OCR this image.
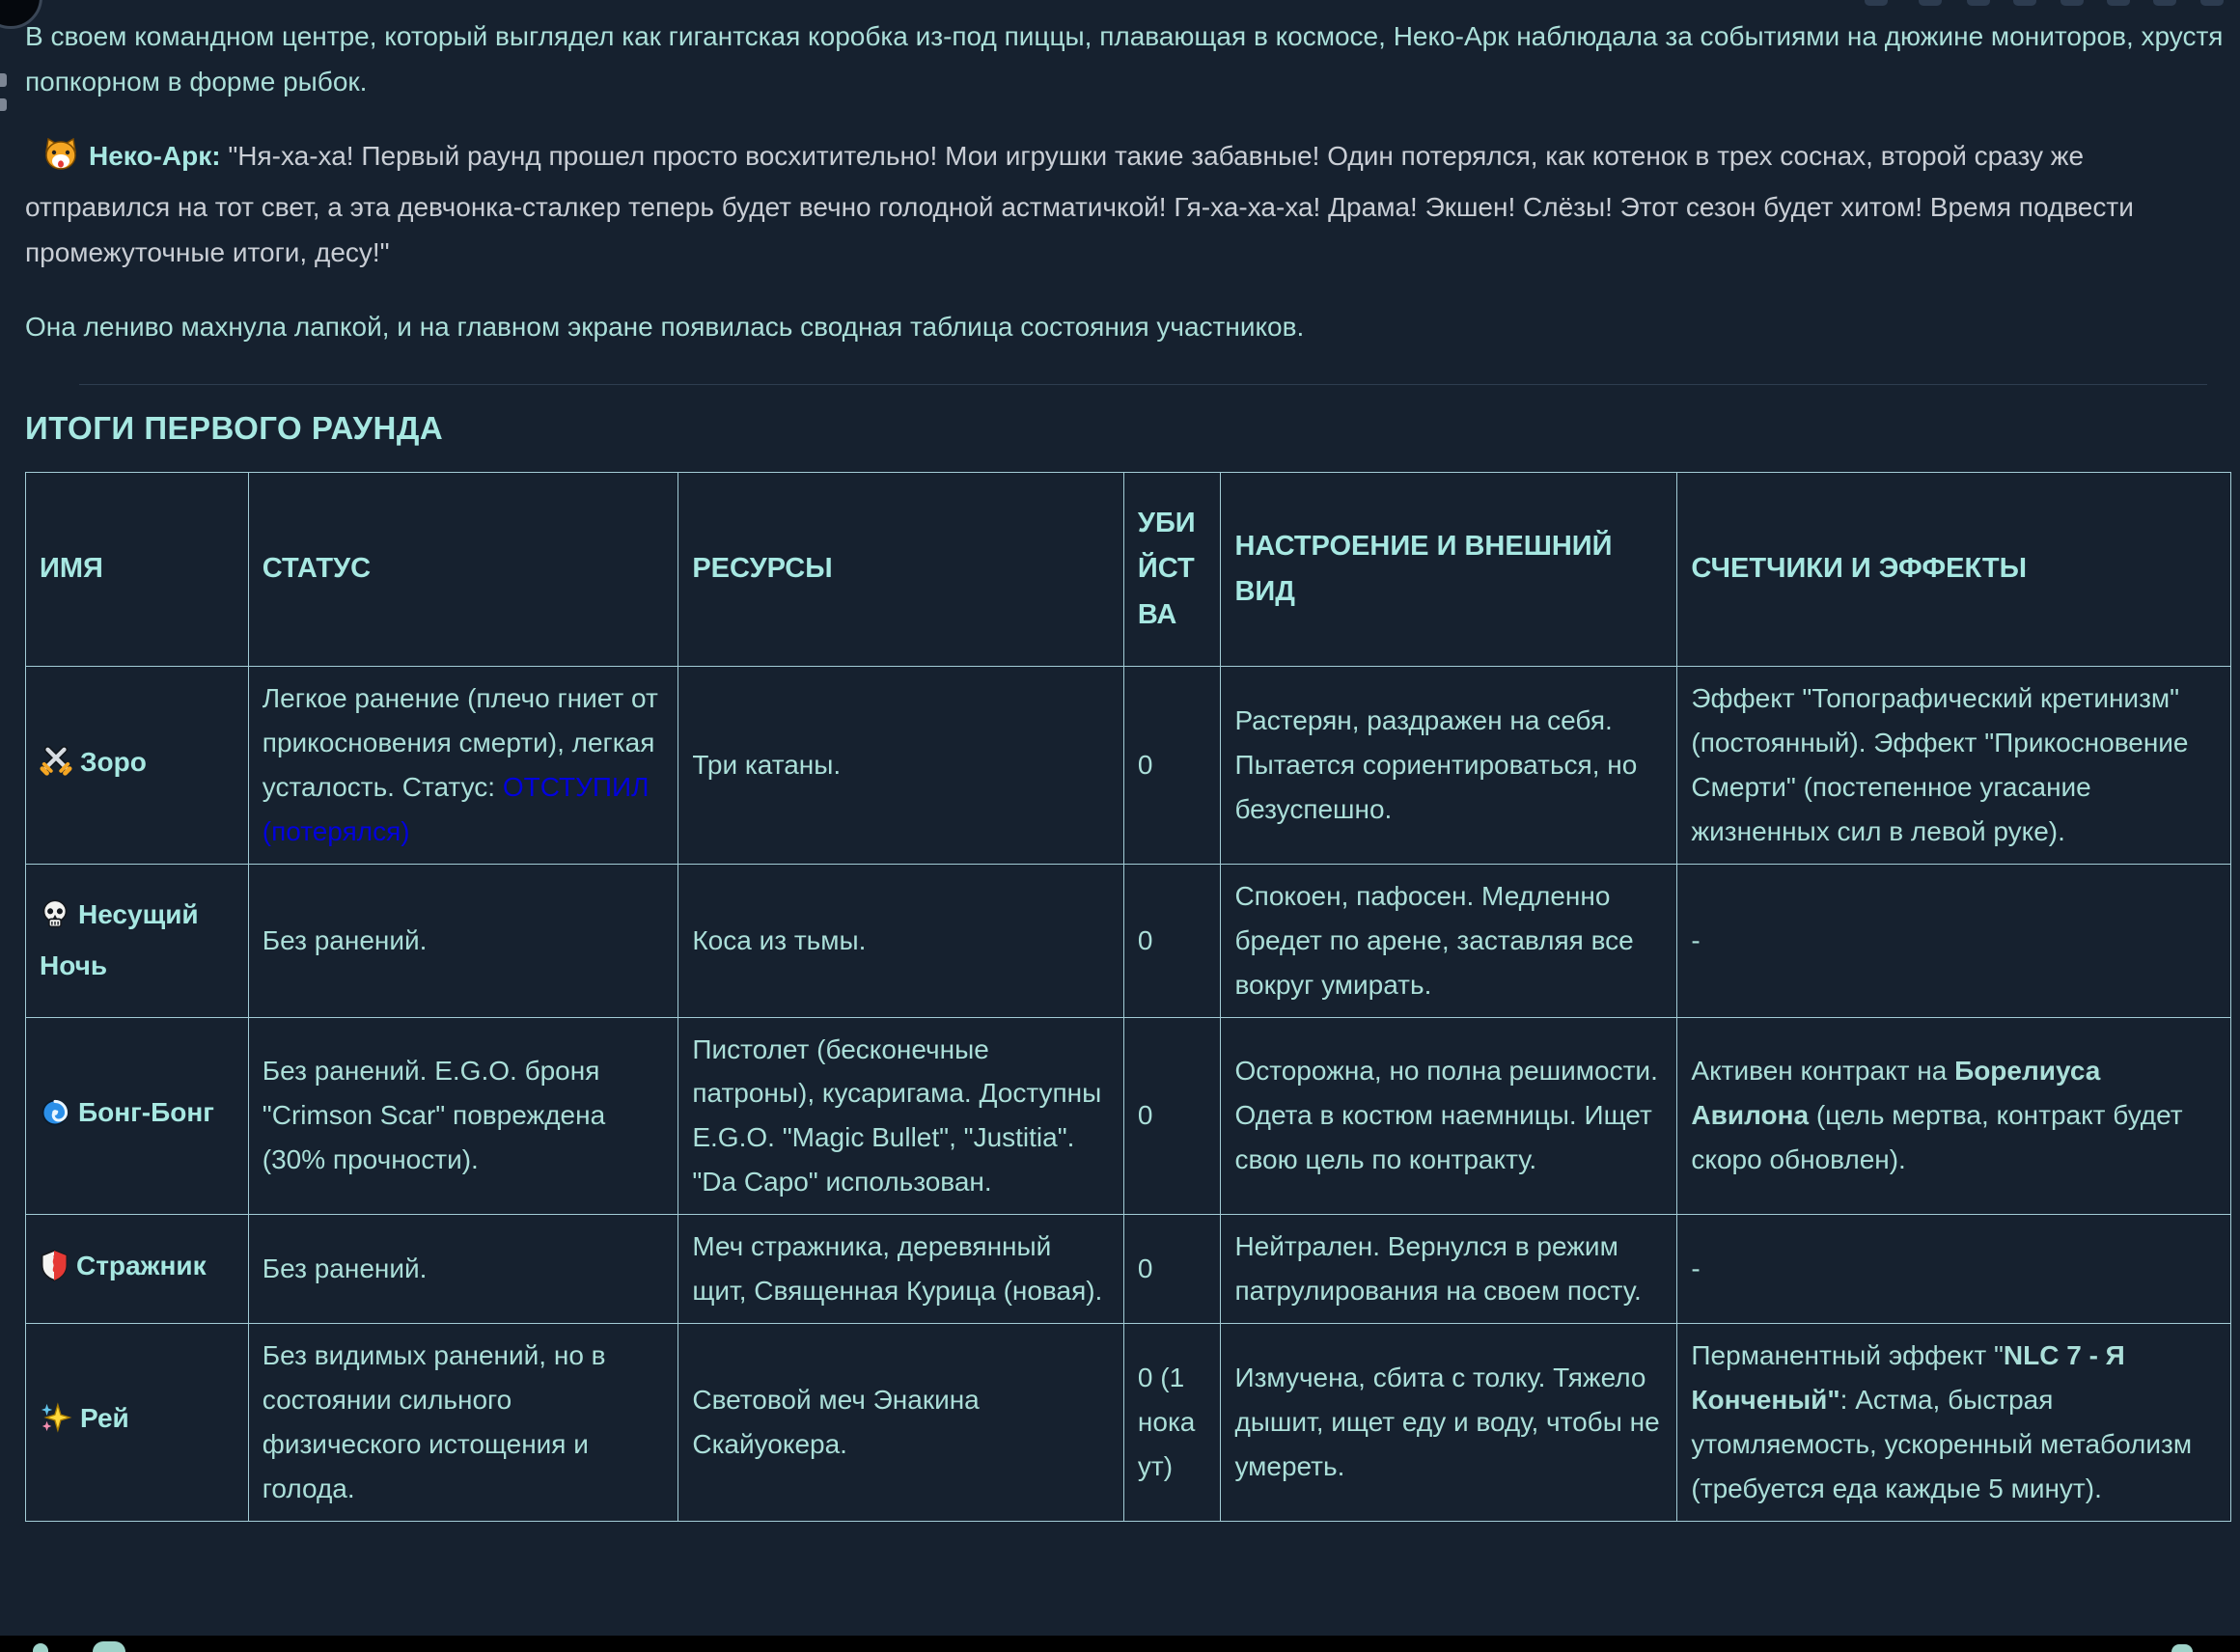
В своем командном центре, который выглядел как гигантская коробка из-под пиццы, плавающая в космосе, Неко-Арк наблюдала за событиями на дюжине мониторов, хрустя попкорном в форме рыбок.

Неко-Арк: "Ня-ха-ха! Первый раунд прошел просто восхитительно! Мои игрушки такие забавные! Один потерялся, как котенок в трех соснах, второй сразу же отправился на тот свет, а эта девчонка-сталкер теперь будет вечно голодной астматичкой! Гя-ха-ха-ха! Драма! Экшен! Слёзы! Этот сезон будет хитом! Время подвести промежуточные итоги, десу!"

Она лениво махнула лапкой, и на главном экране появилась сводная таблица состояния участников.

ИТОГИ ПЕРВОГО РАУНДА
ИМЯ	СТАТУС	РЕСУРСЫ	УБИЙСТВА	НАСТРОЕНИЕ И ВНЕШНИЙ ВИД	СЧЕТЧИКИ И ЭФФЕКТЫ
Зоро	Легкое ранение (плечо гниет от прикосновения смерти), легкая усталость. Статус: ОТСТУПИЛ (потерялся)	Три катаны.	0	Растерян, раздражен на себя. Пытается сориентироваться, но безуспешно.	Эффект "Топографический кретинизм" (постоянный). Эффект "Прикосновение Смерти" (постепенное угасание жизненных сил в левой руке).
Несущий Ночь	Без ранений.	Коса из тьмы.	0	Спокоен, пафосен. Медленно бредет по арене, заставляя все вокруг умирать.	-
Бонг-Бонг	Без ранений. E.G.O. броня "Crimson Scar" повреждена (30% прочности).	Пистолет (бесконечные патроны), кусаригама. Доступны E.G.O. "Magic Bullet", "Justitia". "Da Capo" использован.	0	Осторожна, но полна решимости. Одета в костюм наемницы. Ищет свою цель по контракту.	Активен контракт на Борелиуса Авилона (цель мертва, контракт будет скоро обновлен).
Стражник	Без ранений.	Меч стражника, деревянный щит, Священная Курица (новая).	0	Нейтрален. Вернулся в режим патрулирования на своем посту.	-
Рей	Без видимых ранений, но в состоянии сильного физического истощения и голода.	Световой меч Энакина Скайуокера.	0 (1 нокаут)	Измучена, сбита с толку. Тяжело дышит, ищет еду и воду, чтобы не умереть.	Перманентный эффект "NLC 7 - Я Конченый": Астма, быстрая утомляемость, ускоренный метаболизм (требуется еда каждые 5 минут).
